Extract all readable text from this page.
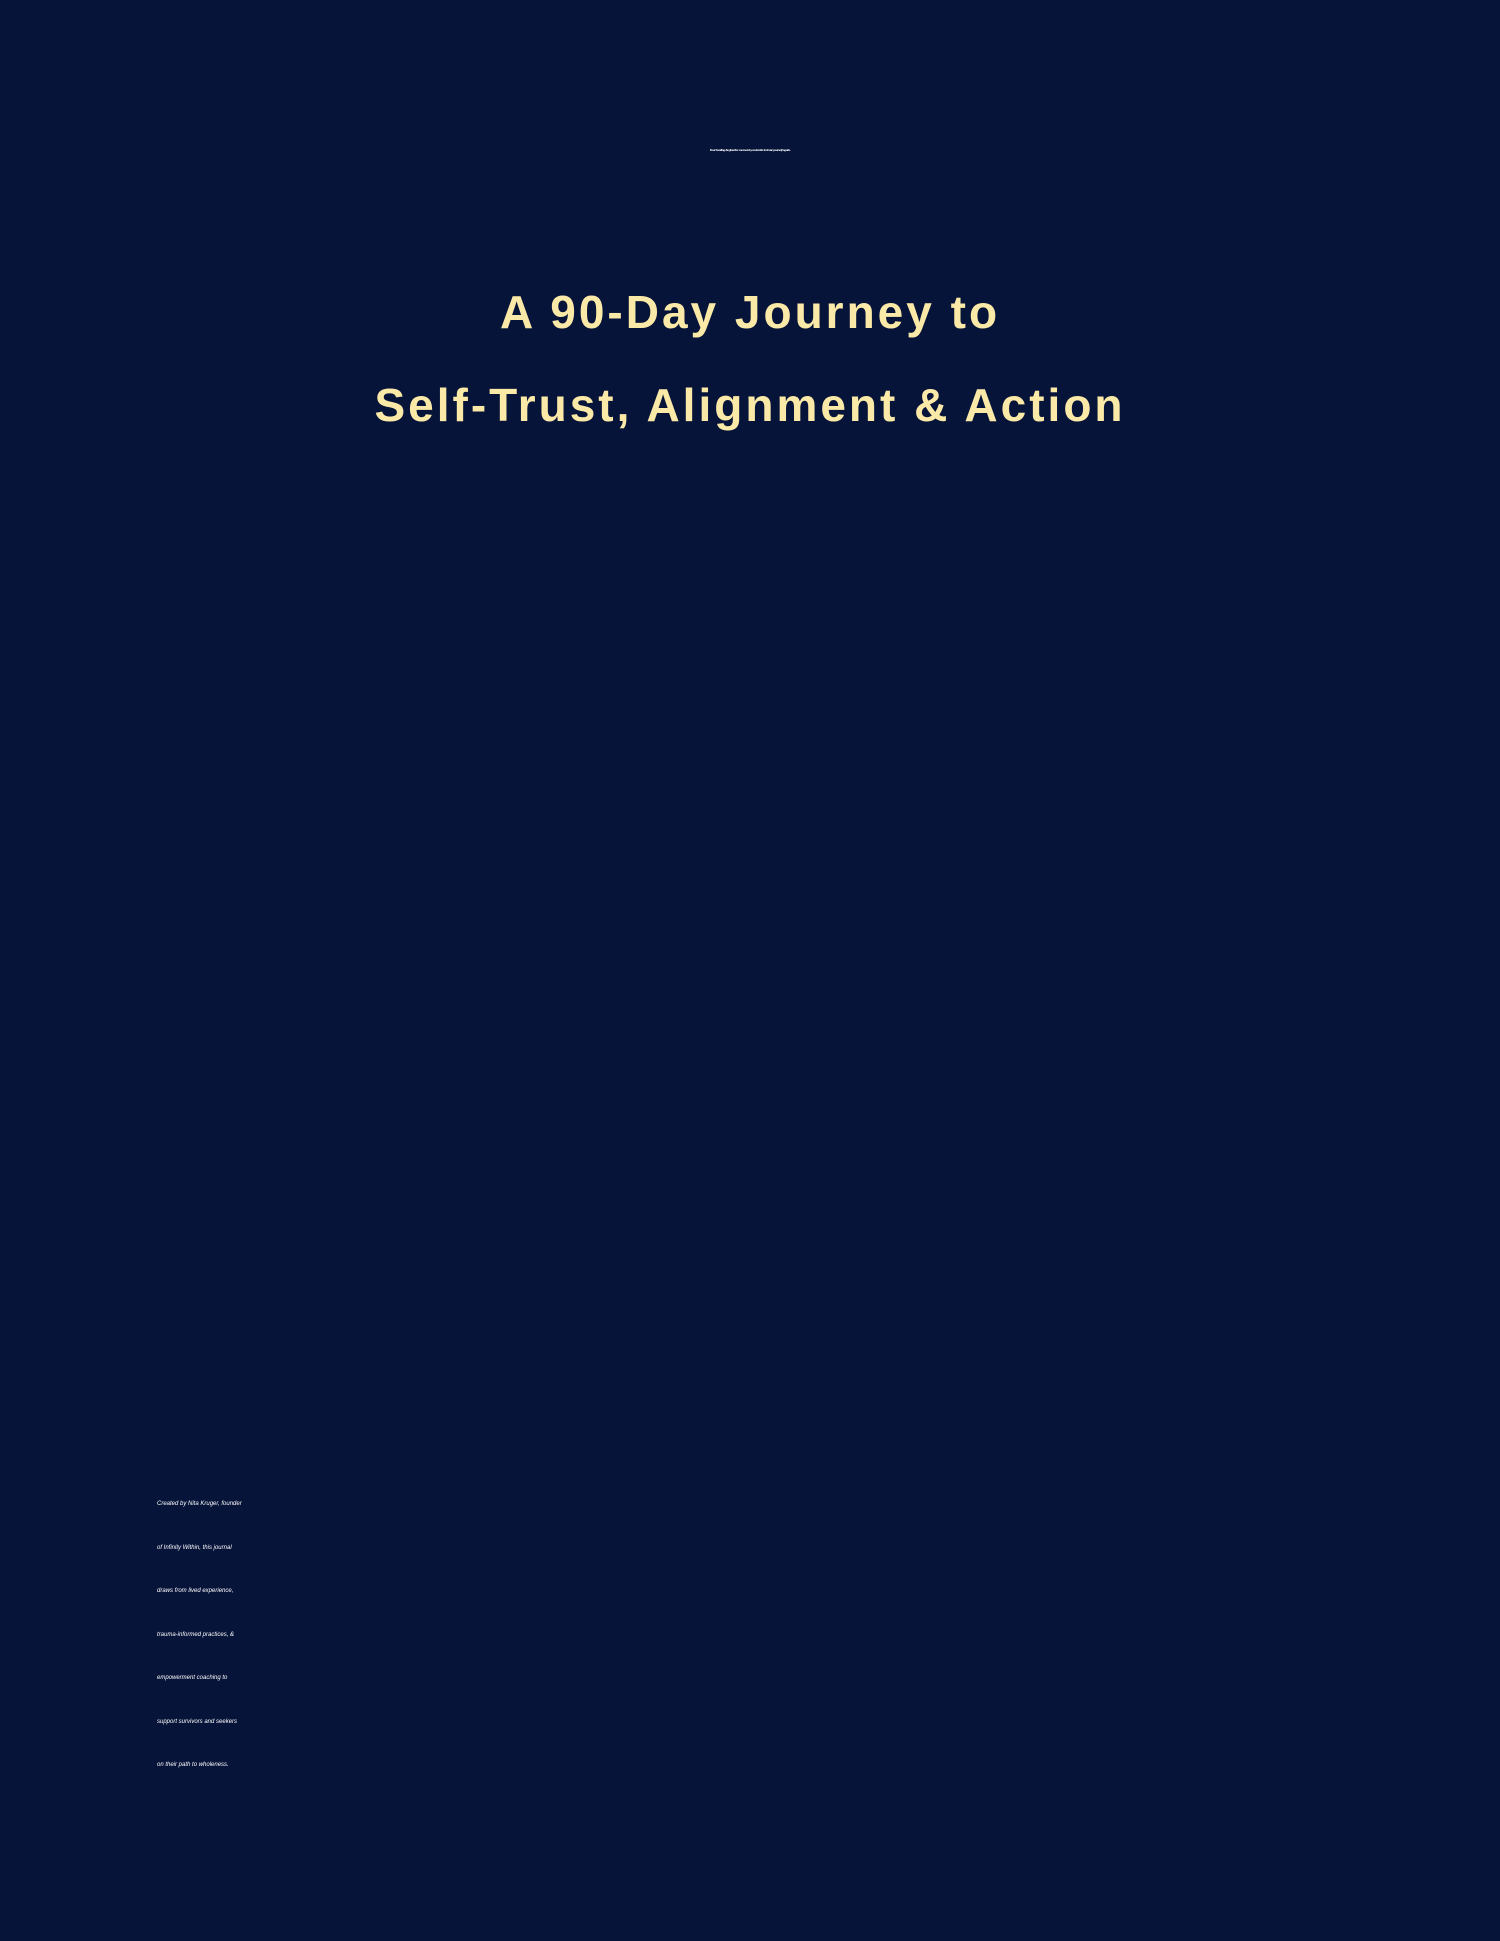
Your healing begins the moment you decide to trust yourself again.
A 90-Day Journey to
Self-Trust, Alignment & Action
Created by Nita Kruger, founder
of Infinity Within, this journal
draws from lived experience,
trauma-informed practices, &
empowerment coaching to
support survivors and seekers
on their path to wholeness.
